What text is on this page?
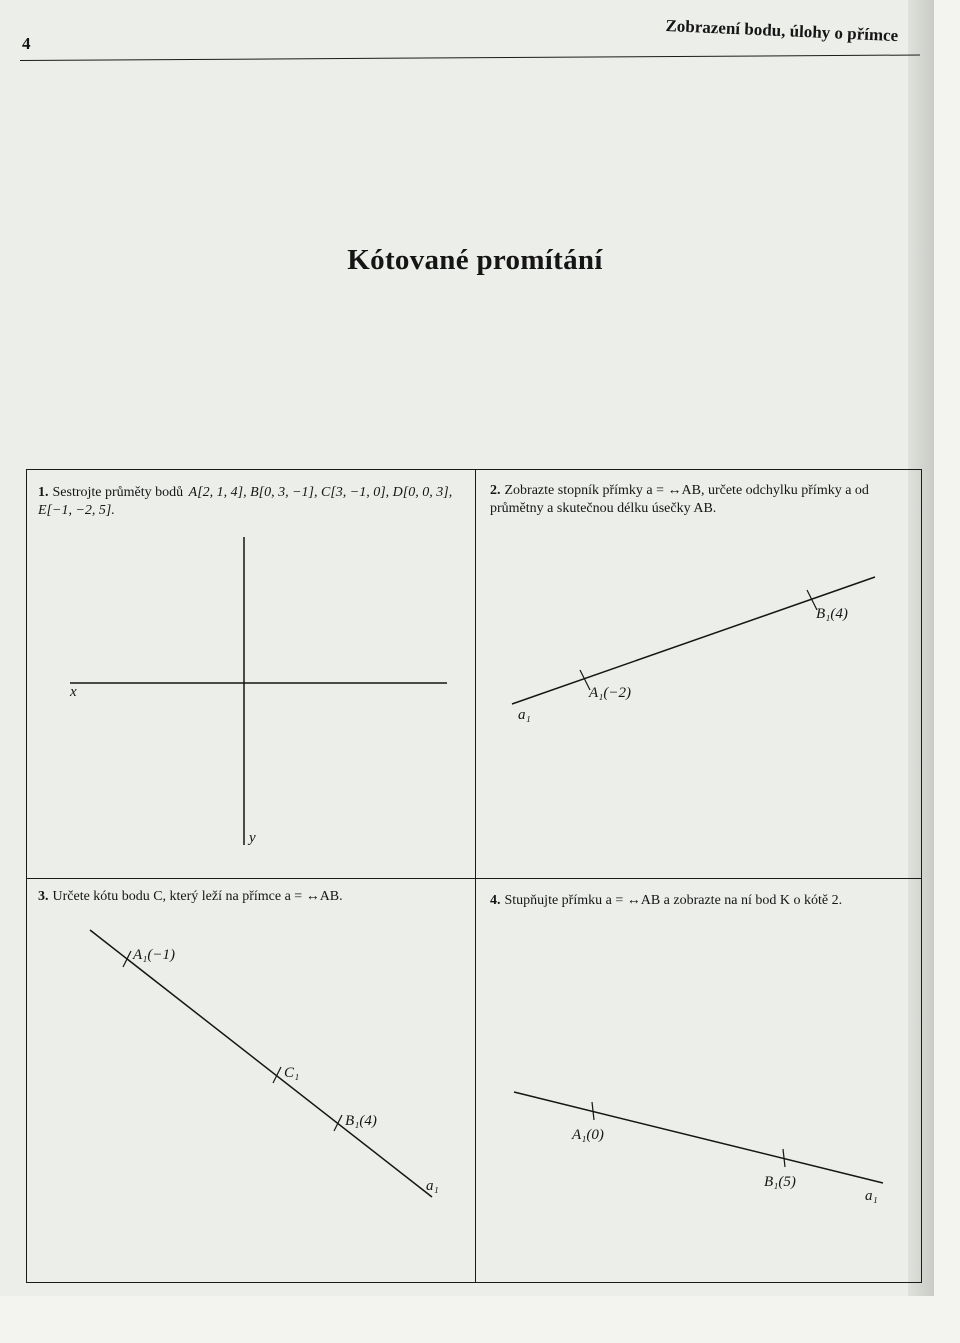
4	Zobrazení bodu, úlohy o přímce
Kótované promítání
1. Sestrojte průměty bodů A[2, 1, 4], B[0, 3, −1], C[3, −1, 0], D[0, 0, 3], E[−1, −2, 5].
2. Zobrazte stopník přímky a = ↔AB, určete odchylku přímky a od průmětny a skutečnou délku úsečky AB.
3. Určete kótu bodu C, který leží na přímce a = ↔AB.	4. Stupňujte přímku a = ↔AB a zobrazte na ní bod K o kótě 2.
x
y
A₁(−2)
B₁(4)
a₁
A₁(−1)
C₁
B₁(4)
a₁
A₁(0)
B₁(5)
a₁
